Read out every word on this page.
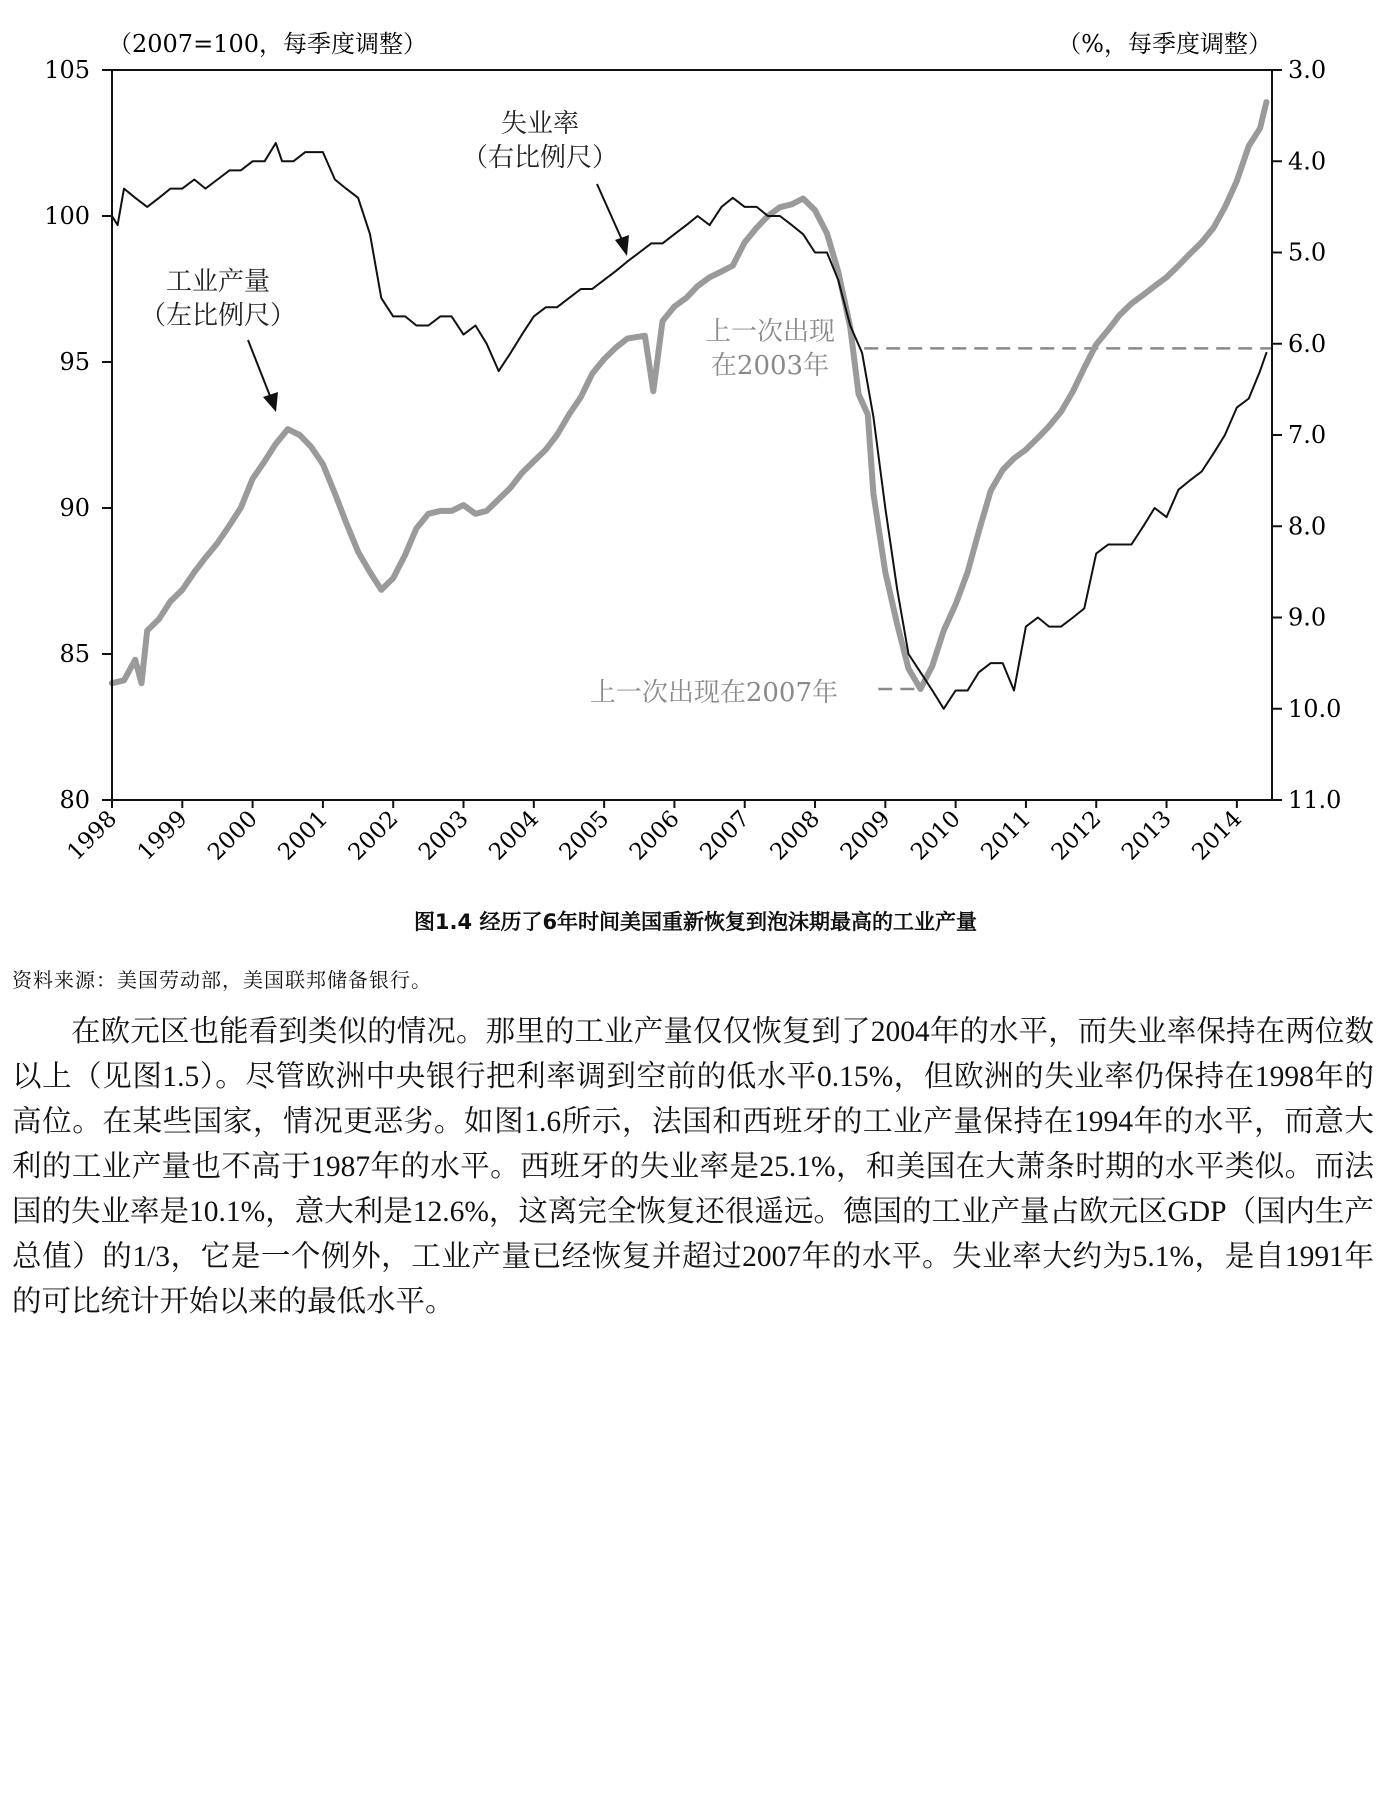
（2007=100，每季度调整）	（%，每季度调整）
105
100
95
90
85
80
3.0
4.0
5.0
6.0
7.0
8.0
9.0
10.0
11.0
1998 1999 2000 2001 2002 2003 2004 2005 2006 2007 2008 2009 2010 2011 2012 2013 2014
失业率
（右比例尺）
工业产量
（左比例尺）
上一次出现
在2003年
上一次出现在2007年
图1.4 经历了6年时间美国重新恢复到泡沫期最高的工业产量
资料来源：美国劳动部，美国联邦储备银行。

在欧元区也能看到类似的情况。那里的工业产量仅仅恢复到了2004年的水平，而失业率保持在两位数以上（见图1.5）。尽管欧洲中央银行把利率调到空前的低水平0.15%，但欧洲的失业率仍保持在1998年的高位。在某些国家，情况更恶劣。如图1.6所示，法国和西班牙的工业产量保持在1994年的水平，而意大利的工业产量也不高于1987年的水平。西班牙的失业率是25.1%，和美国在大萧条时期的水平类似。而法国的失业率是10.1%，意大利是12.6%，这离完全恢复还很遥远。德国的工业产量占欧元区GDP（国内生产总值）的1/3，它是一个例外，工业产量已经恢复并超过2007年的水平。失业率大约为5.1%，是自1991年的可比统计开始以来的最低水平。
